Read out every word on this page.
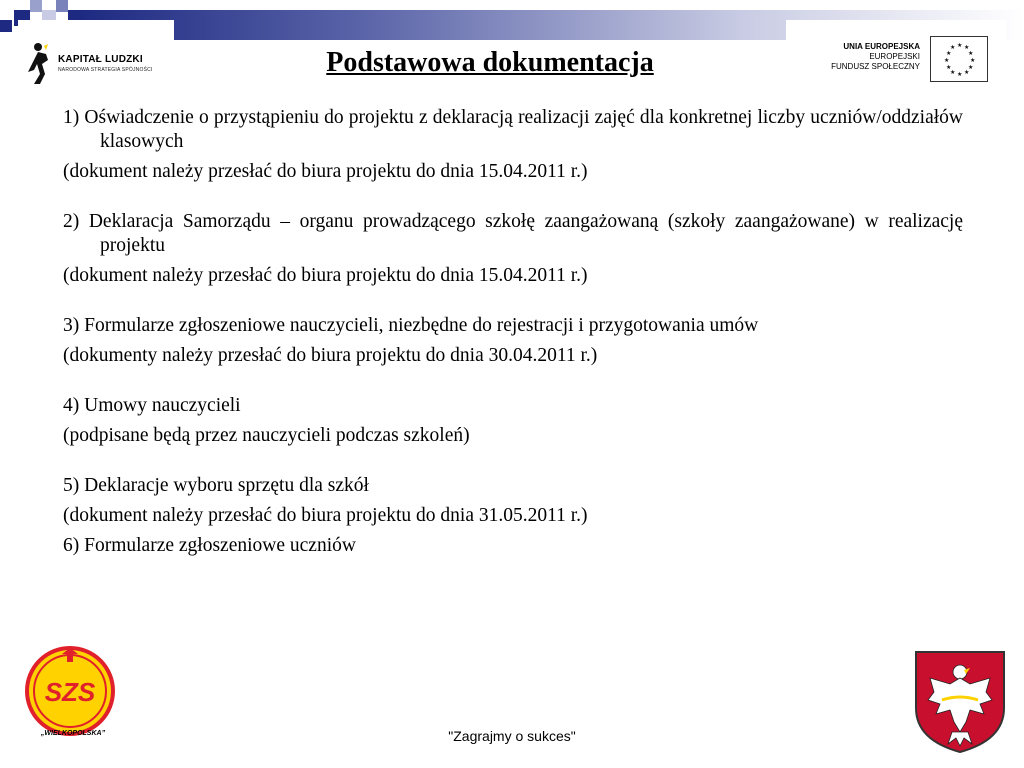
KAPITAŁ LUDZKI
NARODOWA STRATEGIA SPÓJNOŚCI
UNIA EUROPEJSKA
EUROPEJSKI
FUNDUSZ SPOŁECZNY
★ ★
★
★
★
★
★
★
★
★
★
★
Podstawowa dokumentacja

1) Oświadczenie o przystąpieniu do projektu z deklaracją realizacji zajęć dla konkretnej liczby uczniów/oddziałów klasowych

(dokument należy przesłać do biura projektu do dnia 15.04.2011 r.)

2) Deklaracja Samorządu – organu prowadzącego szkołę zaangażowaną (szkoły zaangażowane) w realizację projektu

(dokument należy przesłać do biura projektu do dnia 15.04.2011 r.)

3) Formularze zgłoszeniowe nauczycieli, niezbędne do rejestracji i przygotowania umów

(dokumenty należy przesłać do biura projektu do dnia 30.04.2011 r.)

4) Umowy nauczycieli

(podpisane będą przez nauczycieli podczas szkoleń)

5) Deklaracje wyboru sprzętu dla szkół

(dokument należy przesłać do biura projektu do dnia 31.05.2011 r.)

6) Formularze zgłoszeniowe uczniów

SZS
„WIELKOPOLSKA”	"Zagrajmy o sukces"
